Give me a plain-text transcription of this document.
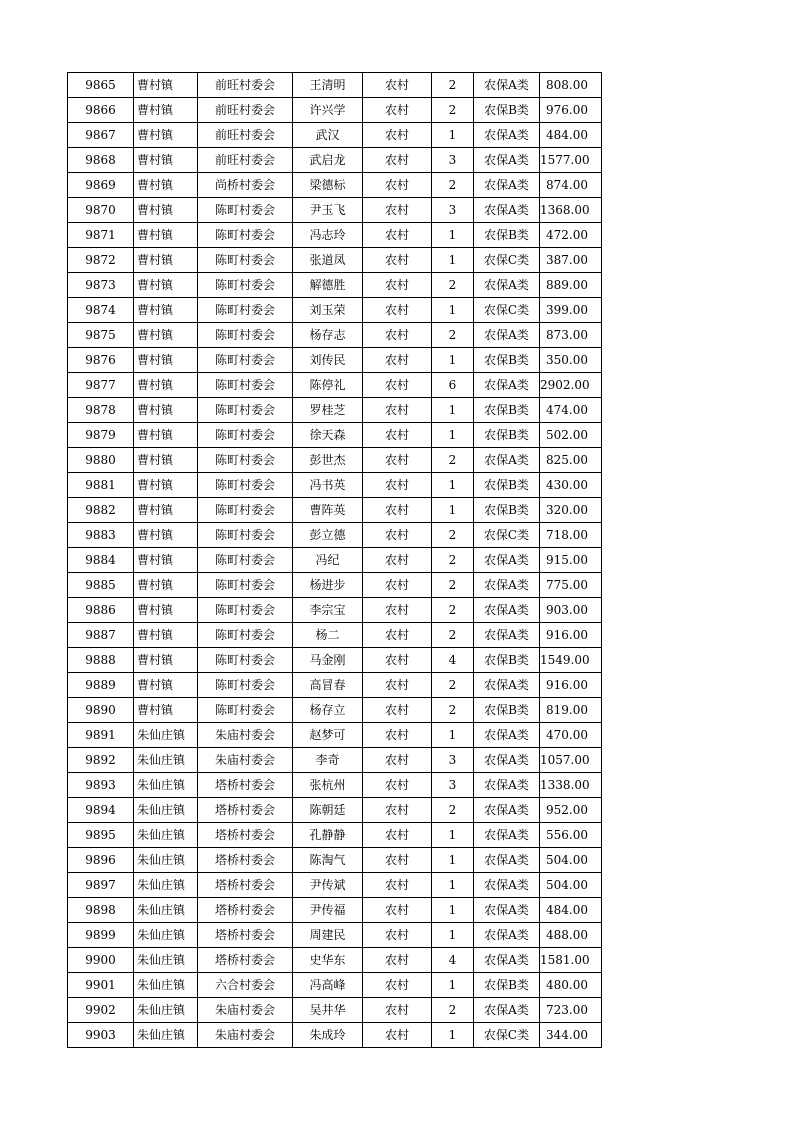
9865	曹村镇	前旺村委会	王清明	农村	2	农保A类	808.00
9866	曹村镇	前旺村委会	许兴学	农村	2	农保B类	976.00
9867	曹村镇	前旺村委会	武汉	农村	1	农保A类	484.00
9868	曹村镇	前旺村委会	武启龙	农村	3	农保A类	1577.00
9869	曹村镇	尚桥村委会	梁德标	农村	2	农保A类	874.00
9870	曹村镇	陈町村委会	尹玉飞	农村	3	农保A类	1368.00
9871	曹村镇	陈町村委会	冯志玲	农村	1	农保B类	472.00
9872	曹村镇	陈町村委会	张道凤	农村	1	农保C类	387.00
9873	曹村镇	陈町村委会	解德胜	农村	2	农保A类	889.00
9874	曹村镇	陈町村委会	刘玉荣	农村	1	农保C类	399.00
9875	曹村镇	陈町村委会	杨存志	农村	2	农保A类	873.00
9876	曹村镇	陈町村委会	刘传民	农村	1	农保B类	350.00
9877	曹村镇	陈町村委会	陈停礼	农村	6	农保A类	2902.00
9878	曹村镇	陈町村委会	罗桂芝	农村	1	农保B类	474.00
9879	曹村镇	陈町村委会	徐天森	农村	1	农保B类	502.00
9880	曹村镇	陈町村委会	彭世杰	农村	2	农保A类	825.00
9881	曹村镇	陈町村委会	冯书英	农村	1	农保B类	430.00
9882	曹村镇	陈町村委会	曹阵英	农村	1	农保B类	320.00
9883	曹村镇	陈町村委会	彭立德	农村	2	农保C类	718.00
9884	曹村镇	陈町村委会	冯纪	农村	2	农保A类	915.00
9885	曹村镇	陈町村委会	杨进步	农村	2	农保A类	775.00
9886	曹村镇	陈町村委会	李宗宝	农村	2	农保A类	903.00
9887	曹村镇	陈町村委会	杨二	农村	2	农保A类	916.00
9888	曹村镇	陈町村委会	马金刚	农村	4	农保B类	1549.00
9889	曹村镇	陈町村委会	高冒春	农村	2	农保A类	916.00
9890	曹村镇	陈町村委会	杨存立	农村	2	农保B类	819.00
9891	朱仙庄镇	朱庙村委会	赵梦可	农村	1	农保A类	470.00
9892	朱仙庄镇	朱庙村委会	李奇	农村	3	农保A类	1057.00
9893	朱仙庄镇	塔桥村委会	张杭州	农村	3	农保A类	1338.00
9894	朱仙庄镇	塔桥村委会	陈朝廷	农村	2	农保A类	952.00
9895	朱仙庄镇	塔桥村委会	孔静静	农村	1	农保A类	556.00
9896	朱仙庄镇	塔桥村委会	陈淘气	农村	1	农保A类	504.00
9897	朱仙庄镇	塔桥村委会	尹传斌	农村	1	农保A类	504.00
9898	朱仙庄镇	塔桥村委会	尹传福	农村	1	农保A类	484.00
9899	朱仙庄镇	塔桥村委会	周建民	农村	1	农保A类	488.00
9900	朱仙庄镇	塔桥村委会	史华东	农村	4	农保A类	1581.00
9901	朱仙庄镇	六合村委会	冯高峰	农村	1	农保B类	480.00
9902	朱仙庄镇	朱庙村委会	吴井华	农村	2	农保A类	723.00
9903	朱仙庄镇	朱庙村委会	朱成玲	农村	1	农保C类	344.00
